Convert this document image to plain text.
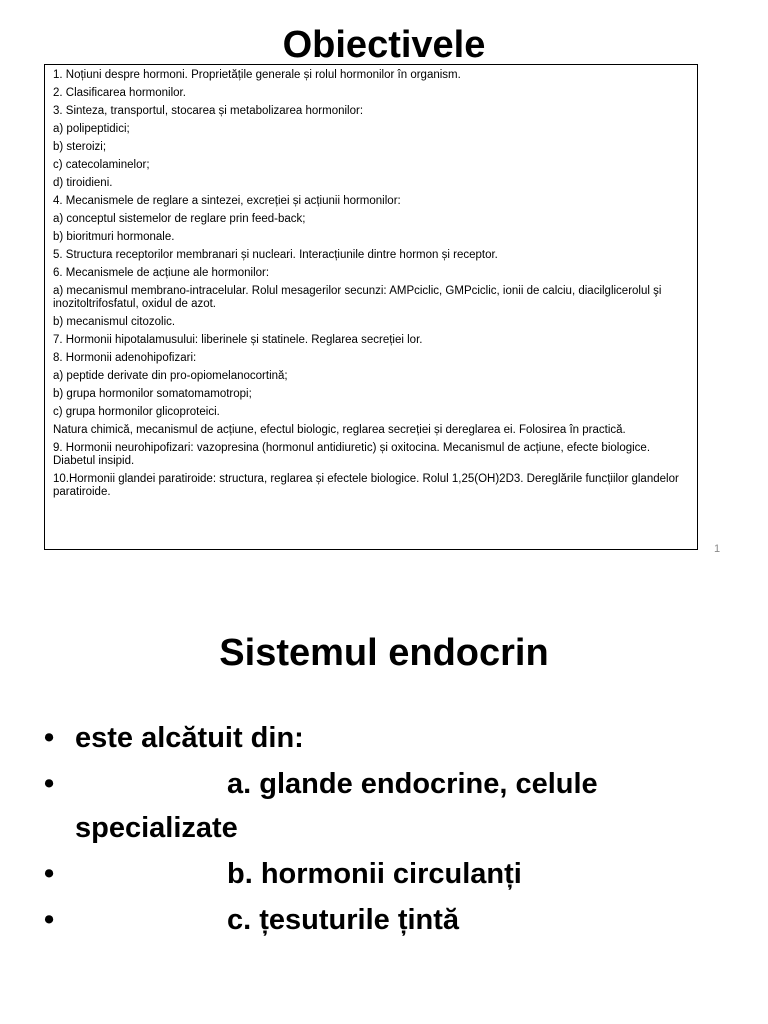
Obiectivele
1. Noțiuni despre hormoni. Proprietățile generale și rolul hormonilor în organism.
2. Clasificarea hormonilor.
3. Sinteza, transportul, stocarea și metabolizarea hormonilor:
a) polipeptidici;
b) steroizi;
c) catecolaminelor;
d) tiroidieni.
4. Mecanismele de reglare a sintezei, excreției și acțiunii hormonilor:
a) conceptul sistemelor de reglare prin feed-back;
b) bioritmuri hormonale.
5. Structura receptorilor membranari și nucleari. Interacțiunile dintre hormon și receptor.
6. Mecanismele de acțiune ale hormonilor:
a) mecanismul membrano-intracelular. Rolul mesagerilor secunzi: AMPciclic, GMPciclic, ionii de calciu, diacilglicerolul şi inozitoltrifosfatul, oxidul de azot.
b) mecanismul citozolic.
7. Hormonii hipotalamusului: liberinele și statinele. Reglarea secreției lor.
8. Hormonii adenohipofizari:
a) peptide derivate din pro-opiomelanocortină;
b) grupa hormonilor somatomamotropi;
c) grupa hormonilor glicoproteici.
Natura chimică, mecanismul de acțiune, efectul biologic, reglarea secreției și dereglarea ei. Folosirea în practică.
9. Hormonii neurohipofizari: vazopresina (hormonul antidiuretic) și oxitocina. Mecanismul de acțiune, efecte biologice. Diabetul insipid.
10.Hormonii glandei paratiroide: structura, reglarea și efectele biologice. Rolul 1,25(OH)2D3. Dereglările funcțiilor glandelor paratiroide.
1
Sistemul endocrin
• este alcătuit din:
•	a. glande endocrine, celule specializate
•	b. hormonii circulanți
•	c. țesuturile țintă
